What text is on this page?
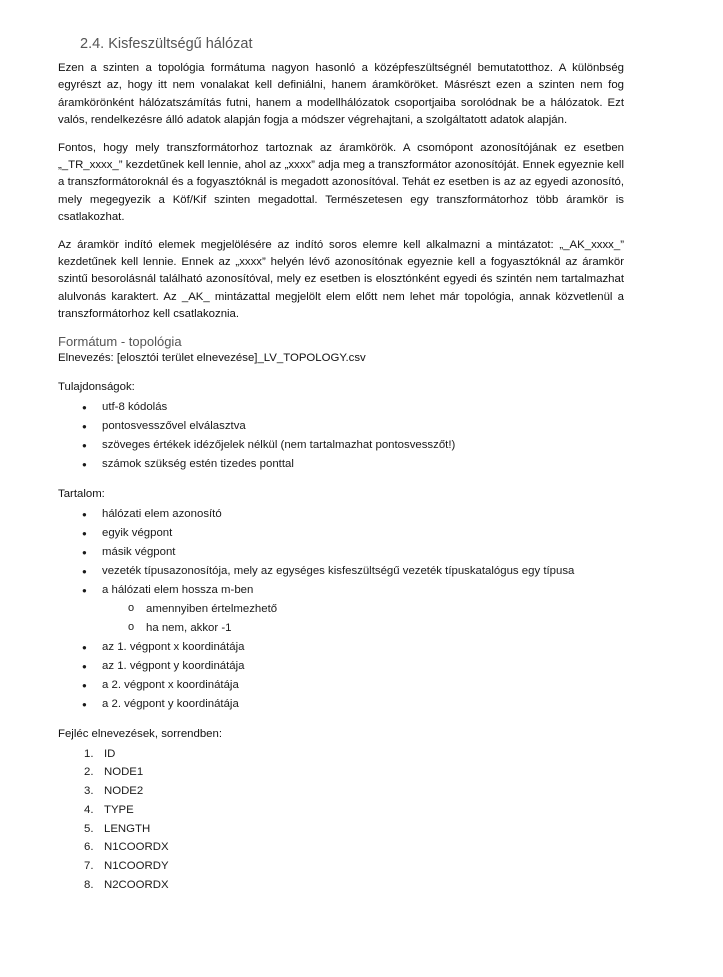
2.4. Kisfeszültségű hálózat

Ezen a szinten a topológia formátuma nagyon hasonló a középfeszültségnél bemutatotthoz. A különbség egyrészt az, hogy itt nem vonalakat kell definiálni, hanem áramköröket. Másrészt ezen a szinten nem fog áramkörönként hálózatszámítás futni, hanem a modellhálózatok csoportjaiba sorolódnak be a hálózatok. Ezt valós, rendelkezésre álló adatok alapján fogja a módszer végrehajtani, a szolgáltatott adatok alapján.

Fontos, hogy mely transzformátorhoz tartoznak az áramkörök. A csomópont azonosítójának ez esetben „_TR_xxxx_” kezdetűnek kell lennie, ahol az „xxxx” adja meg a transzformátor azonosítóját. Ennek egyeznie kell a transzformátoroknál és a fogyasztóknál is megadott azonosítóval. Tehát ez esetben is az az egyedi azonosító, mely megegyezik a Köf/Kif szinten megadottal. Természetesen egy transzformátorhoz több áramkör is csatlakozhat.

Az áramkör indító elemek megjelölésére az indító soros elemre kell alkalmazni a mintázatot: „_AK_xxxx_” kezdetűnek kell lennie. Ennek az „xxxx” helyén lévő azonosítónak egyeznie kell a fogyasztóknál az áramkör szintű besorolásnál található azonosítóval, mely ez esetben is elosztónként egyedi és szintén nem tartalmazhat alulvonás karaktert. Az _AK_ mintázattal megjelölt elem előtt nem lehet már topológia, annak közvetlenül a transzformátorhoz kell csatlakoznia.

Formátum - topológia
Elnevezés: [elosztói terület elnevezése]_LV_TOPOLOGY.csv
Tulajdonságok:
● utf-8 kódolás
● pontosvesszővel elválasztva
● szöveges értékek idézőjelek nélkül (nem tartalmazhat pontosvesszőt!)
● számok szükség estén tizedes ponttal
Tartalom:
● hálózati elem azonosító
● egyik végpont
● másik végpont
● vezeték típusazonosítója, mely az egységes kisfeszültségű vezeték típuskatalógus egy típusa
● a hálózati elem hossza m-ben
o amennyiben értelmezhető
o ha nem, akkor -1
● az 1. végpont x koordinátája
● az 1. végpont y koordinátája
● a 2. végpont x koordinátája
● a 2. végpont y koordinátája
Fejléc elnevezések, sorrendben:
1. ID
2. NODE1
3. NODE2
4. TYPE
5. LENGTH
6. N1COORDX
7. N1COORDY
8. N2COORDX
